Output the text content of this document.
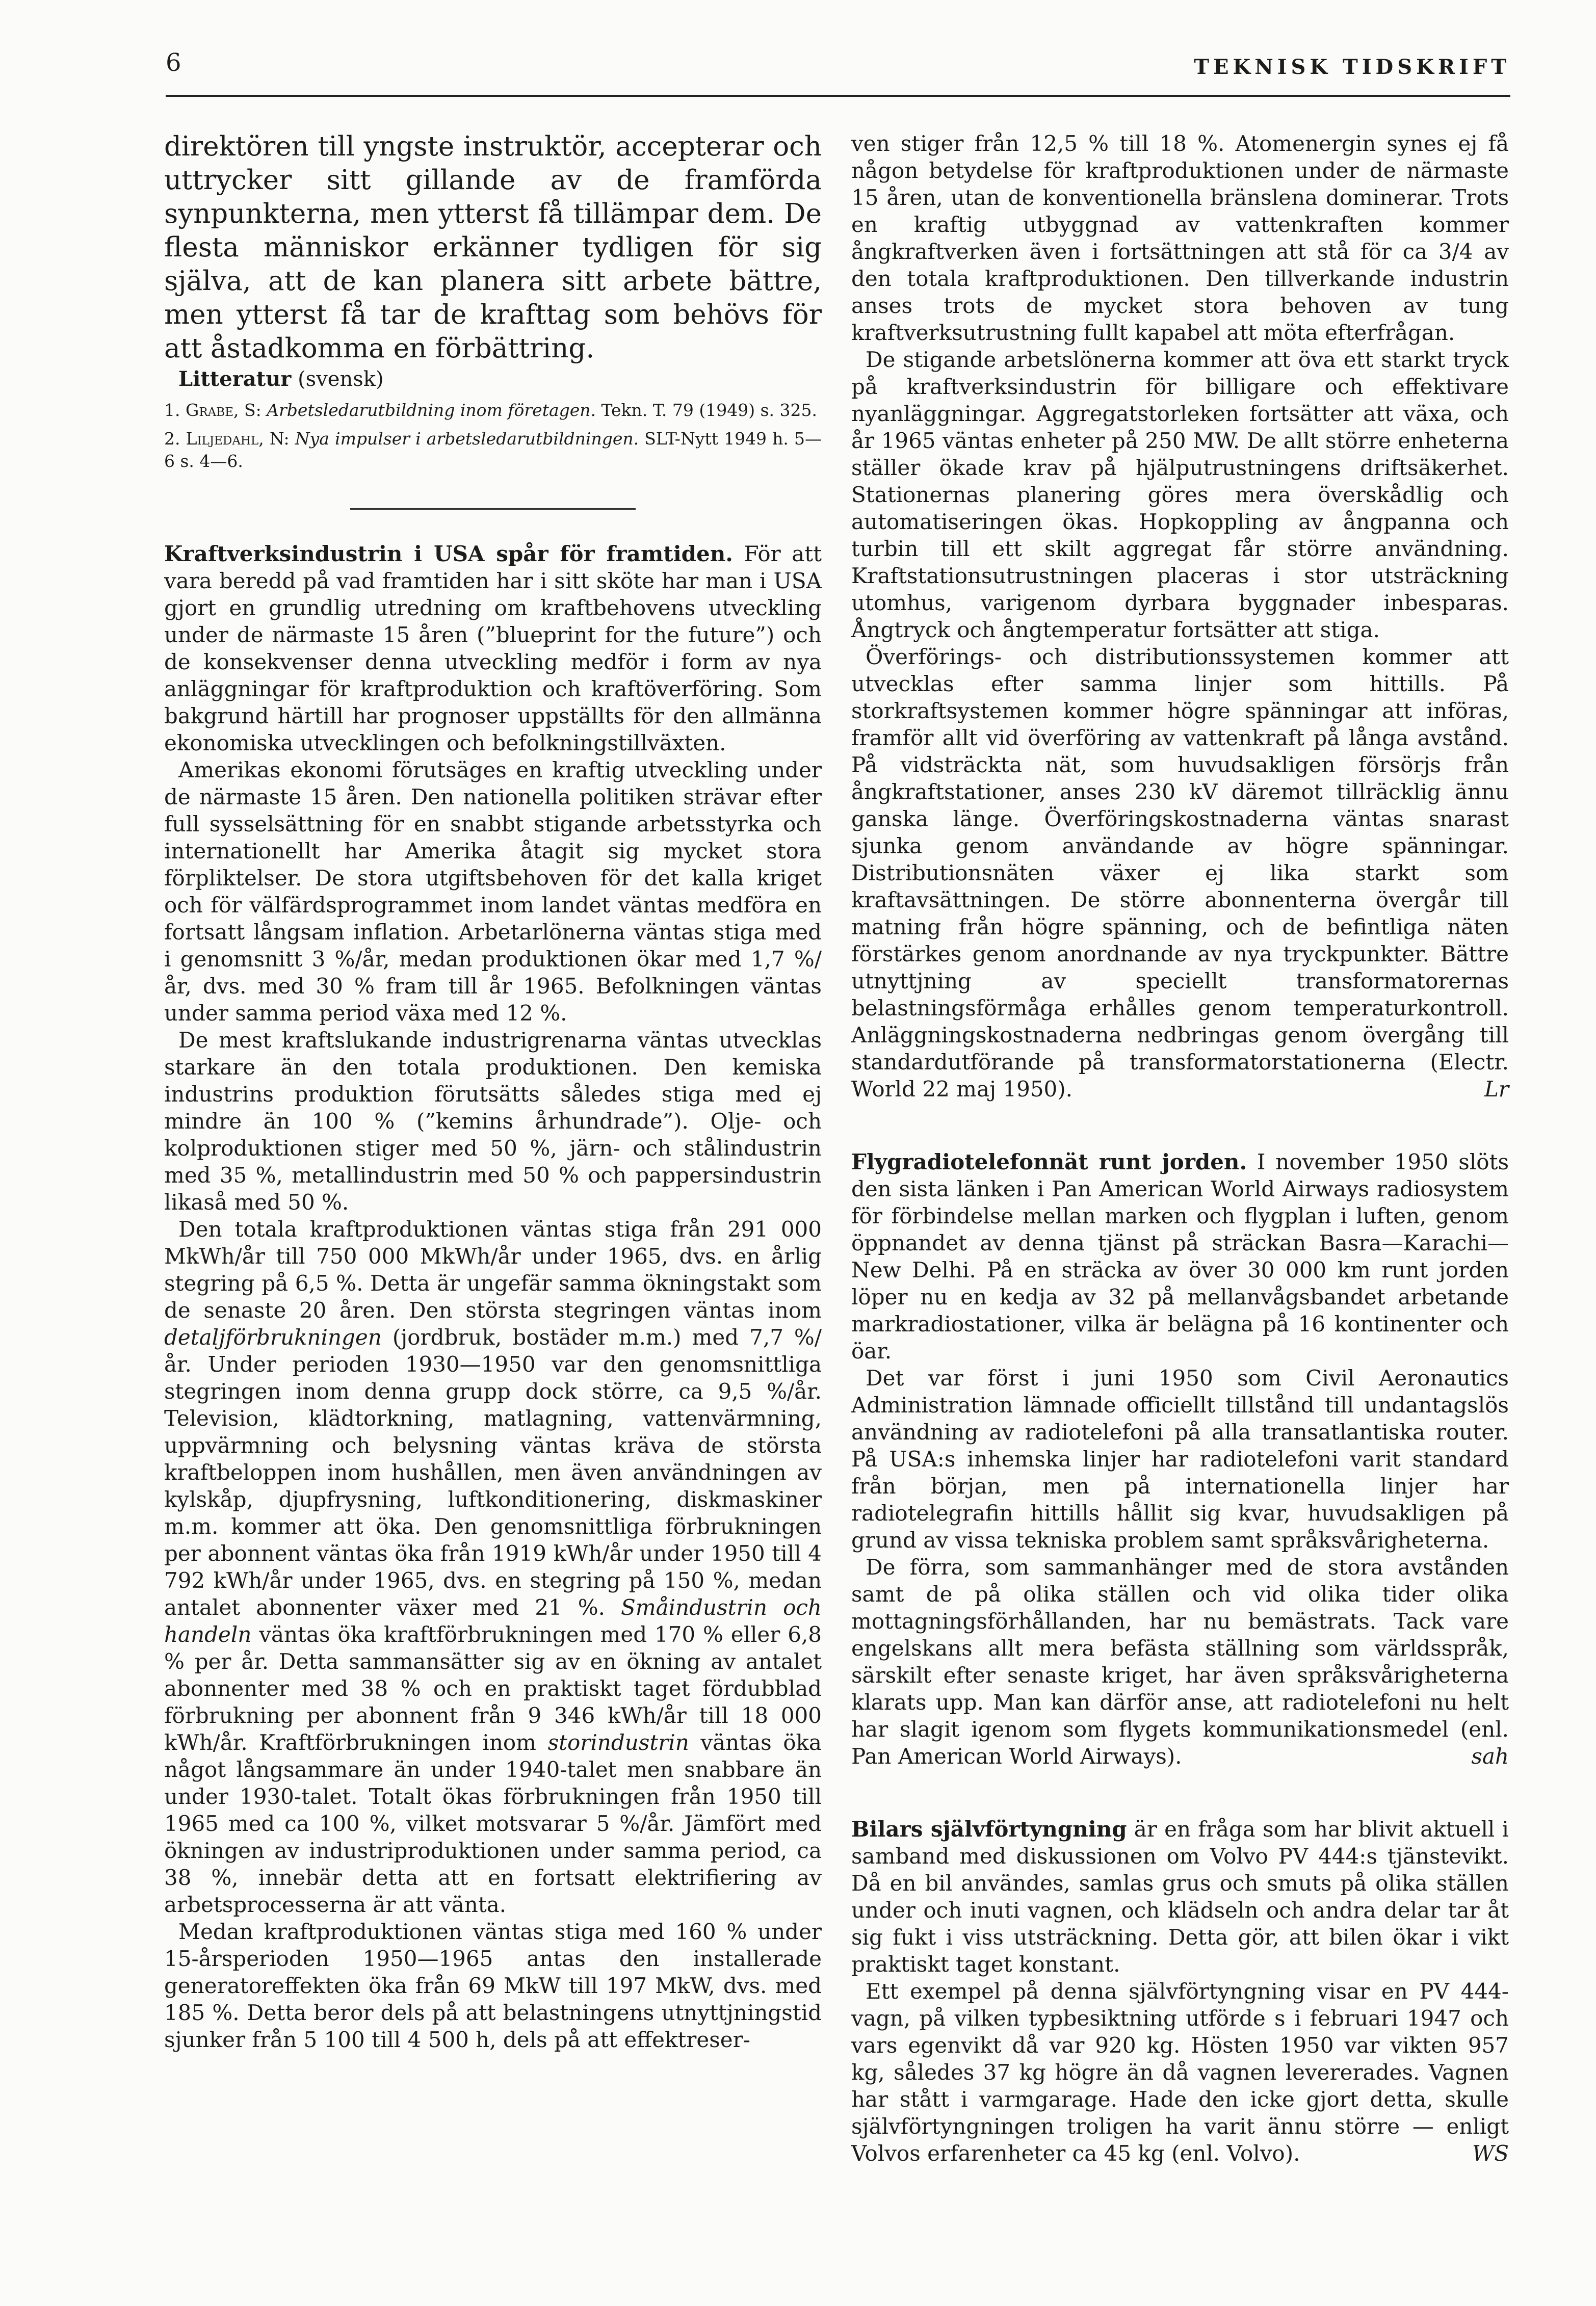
6	TEKNISK TIDSKRIFT

direktören till yngste instruktör, accepterar och uttrycker sitt gillande av de framförda synpunkterna, men ytterst få tillämpar dem. De flesta människor erkänner tydligen för sig själva, att de kan planera sitt arbete bättre, men ytterst få tar de krafttag som behövs för att åstadkomma en förbättring.

Litteratur (svensk)

1. Grabe, S: Arbetsledarutbildning inom företagen. Tekn. T. 79 (1949) s. 325.

2. Liljedahl, N: Nya impulser i arbetsledarutbildningen. SLT-Nytt 1949 h. 5—6 s. 4—6.

Kraftverksindustrin i USA spår för framtiden. För att vara beredd på vad framtiden har i sitt sköte har man i USA gjort en grundlig utredning om kraftbehovens utveckling under de närmaste 15 åren (”blueprint for the future”) och de konsekvenser denna utveckling medför i form av nya anläggningar för kraftproduktion och kraftöverföring. Som bakgrund härtill har prognoser uppställts för den allmänna ekonomiska utvecklingen och befolkningstillväxten.

Amerikas ekonomi förutsäges en kraftig utveckling under de närmaste 15 åren. Den nationella politiken strävar efter full sysselsättning för en snabbt stigande arbetsstyrka och internationellt har Amerika åtagit sig mycket stora förpliktelser. De stora utgiftsbehoven för det kalla kriget och för välfärdsprogrammet inom landet väntas medföra en fortsatt långsam inflation. Arbetarlönerna väntas stiga med i genomsnitt 3 %/år, medan produktionen ökar med 1,7 %/år, dvs. med 30 % fram till år 1965. Befolkningen väntas under samma period växa med 12 %.

De mest kraftslukande industrigrenarna väntas utvecklas starkare än den totala produktionen. Den kemiska industrins produktion förutsätts således stiga med ej mindre än 100 % (”kemins århundrade”). Olje- och kolproduktionen stiger med 50 %, järn- och stålindustrin med 35 %, metallindustrin med 50 % och pappersindustrin likaså med 50 %.

Den totala kraftproduktionen väntas stiga från 291 000 MkWh/år till 750 000 MkWh/år under 1965, dvs. en årlig stegring på 6,5 %. Detta är ungefär samma ökningstakt som de senaste 20 åren. Den största stegringen väntas inom detaljförbrukningen (jordbruk, bostäder m.m.) med 7,7 %/år. Under perioden 1930—1950 var den genomsnittliga stegringen inom denna grupp dock större, ca 9,5 %/år. Television, klädtorkning, matlagning, vattenvärmning, uppvärmning och belysning väntas kräva de största kraftbeloppen inom hushållen, men även användningen av kylskåp, djupfrysning, luftkonditionering, diskmaskiner m.m. kommer att öka. Den genomsnittliga förbrukningen per abonnent väntas öka från 1919 kWh/år under 1950 till 4 792 kWh/år under 1965, dvs. en stegring på 150 %, medan antalet abonnenter växer med 21 %. Småindustrin och handeln väntas öka kraftförbrukningen med 170 % eller 6,8 % per år. Detta sammansätter sig av en ökning av antalet abonnenter med 38 % och en praktiskt taget fördubblad förbrukning per abonnent från 9 346 kWh/år till 18 000 kWh/år. Kraftförbrukningen inom storindustrin väntas öka något långsammare än under 1940-talet men snabbare än under 1930-talet. Totalt ökas förbrukningen från 1950 till 1965 med ca 100 %, vilket motsvarar 5 %/år. Jämfört med ökningen av industriproduktionen under samma period, ca 38 %, innebär detta att en fortsatt elektrifiering av arbetsprocesserna är att vänta.

Medan kraftproduktionen väntas stiga med 160 % under 15-årsperioden 1950—1965 antas den installerade generatoreffekten öka från 69 MkW till 197 MkW, dvs. med 185 %. Detta beror dels på att belastningens utnyttjningstid sjunker från 5 100 till 4 500 h, dels på att effektreser-

ven stiger från 12,5 % till 18 %. Atomenergin synes ej få någon betydelse för kraftproduktionen under de närmaste 15 åren, utan de konventionella bränslena dominerar. Trots en kraftig utbyggnad av vattenkraften kommer ångkraftverken även i fortsättningen att stå för ca 3/4 av den totala kraftproduktionen. Den tillverkande industrin anses trots de mycket stora behoven av tung kraftverksutrustning fullt kapabel att möta efterfrågan.

De stigande arbetslönerna kommer att öva ett starkt tryck på kraftverksindustrin för billigare och effektivare nyanläggningar. Aggregatstorleken fortsätter att växa, och år 1965 väntas enheter på 250 MW. De allt större enheterna ställer ökade krav på hjälputrustningens driftsäkerhet. Stationernas planering göres mera överskådlig och automatiseringen ökas. Hopkoppling av ångpanna och turbin till ett skilt aggregat får större användning. Kraftstationsutrustningen placeras i stor utsträckning utomhus, varigenom dyrbara byggnader inbesparas. Ångtryck och ångtemperatur fortsätter att stiga.

Överförings- och distributionssystemen kommer att utvecklas efter samma linjer som hittills. På storkraftsystemen kommer högre spänningar att införas, framför allt vid överföring av vattenkraft på långa avstånd. På vidsträckta nät, som huvudsakligen försörjs från ångkraftstationer, anses 230 kV däremot tillräcklig ännu ganska länge. Överföringskostnaderna väntas snarast sjunka genom användande av högre spänningar. Distributionsnäten växer ej lika starkt som kraftavsättningen. De större abonnenterna övergår till matning från högre spänning, och de befintliga näten förstärkes genom anordnande av nya tryckpunkter. Bättre utnyttjning av speciellt transformatorernas belastningsförmåga erhålles genom temperaturkontroll. Anläggningskostnaderna nedbringas genom övergång till standardutförande på transformatorstationerna (Electr. World 22 maj 1950).	Lr

Flygradiotelefonnät runt jorden. I november 1950 slöts den sista länken i Pan American World Airways radiosystem för förbindelse mellan marken och flygplan i luften, genom öppnandet av denna tjänst på sträckan Basra—Karachi—New Delhi. På en sträcka av över 30 000 km runt jorden löper nu en kedja av 32 på mellanvågsbandet arbetande markradiostationer, vilka är belägna på 16 kontinenter och öar.

Det var först i juni 1950 som Civil Aeronautics Administration lämnade officiellt tillstånd till undantagslös användning av radiotelefoni på alla transatlantiska router. På USA:s inhemska linjer har radiotelefoni varit standard från början, men på internationella linjer har radiotelegrafin hittills hållit sig kvar, huvudsakligen på grund av vissa tekniska problem samt språksvårigheterna.

De förra, som sammanhänger med de stora avstånden samt de på olika ställen och vid olika tider olika mottagningsförhållanden, har nu bemästrats. Tack vare engelskans allt mera befästa ställning som världsspråk, särskilt efter senaste kriget, har även språksvårigheterna klarats upp. Man kan därför anse, att radiotelefoni nu helt har slagit igenom som flygets kommunikationsmedel (enl. Pan American World Airways).	sah

Bilars självförtyngning är en fråga som har blivit aktuell i samband med diskussionen om Volvo PV 444:s tjänstevikt. Då en bil användes, samlas grus och smuts på olika ställen under och inuti vagnen, och klädseln och andra delar tar åt sig fukt i viss utsträckning. Detta gör, att bilen ökar i vikt praktiskt taget konstant.

Ett exempel på denna självförtyngning visar en PV 444-vagn, på vilken typbesiktning utförde s i februari 1947 och vars egenvikt då var 920 kg. Hösten 1950 var vikten 957 kg, således 37 kg högre än då vagnen levererades. Vagnen har stått i varmgarage. Hade den icke gjort detta, skulle självförtyngningen troligen ha varit ännu större — enligt Volvos erfarenheter ca 45 kg (enl. Volvo).	WS
